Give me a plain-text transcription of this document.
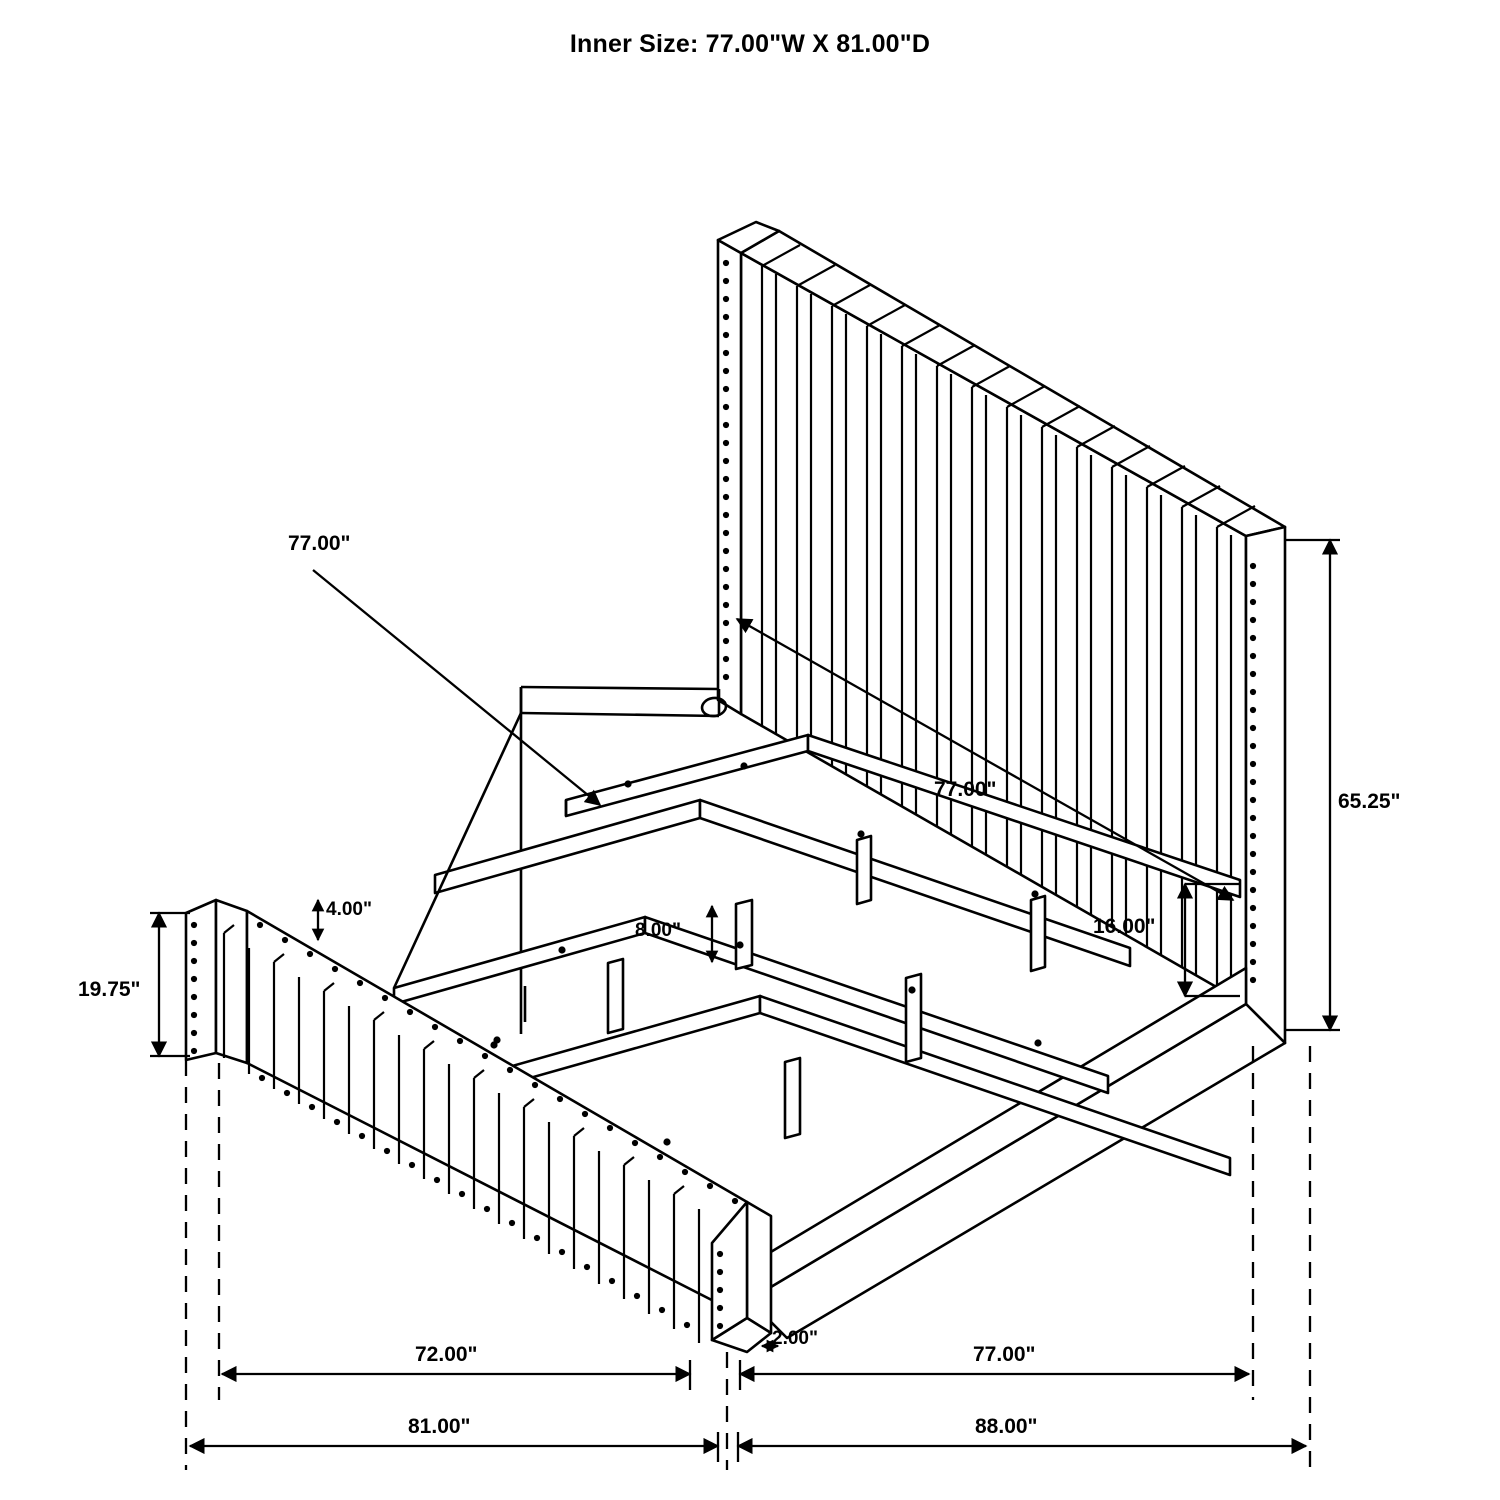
Inner Size: 77.00"W X 81.00"D
65.25"
19.75"
77.00"
77.00"
4.00"
8.00"	16.00"
2.00"
72.00"	77.00"
81.00"	88.00"
